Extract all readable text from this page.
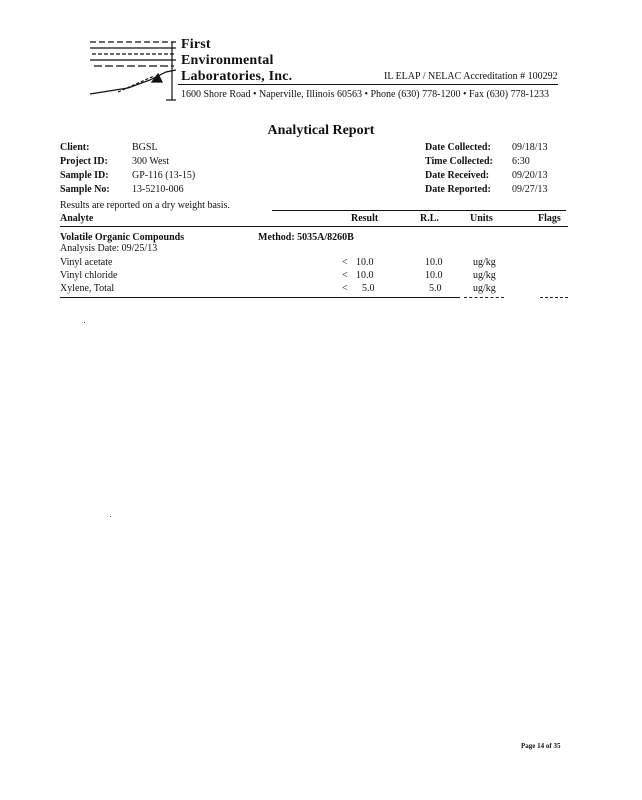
First
Environmental
Laboratories, Inc.	IL ELAP / NELAC Accreditation # 100292
1600 Shore Road • Naperville, Illinois 60563 • Phone (630) 778-1200 • Fax (630) 778-1233
Analytical Report
Client:	BGSL
Project ID: 300 West
Sample ID: GP-116 (13-15)
Sample No: 13-5210-006
Date Collected: 09/18/13
Time Collected: 6:30
Date Received: 09/20/13
Date Reported: 09/27/13
Results are reported on a dry weight basis.
Analyte	Result	R.L.	Units	Flags
Volatile Organic Compounds
Analysis Date: 09/25/13
Method: 5035A/8260B
Vinyl acetate	< 10.0	10.0	ug/kg
Vinyl chloride	< 10.0	10.0	ug/kg
Xylene, Total	< 5.0	5.0	ug/kg
Page 14 of 35
